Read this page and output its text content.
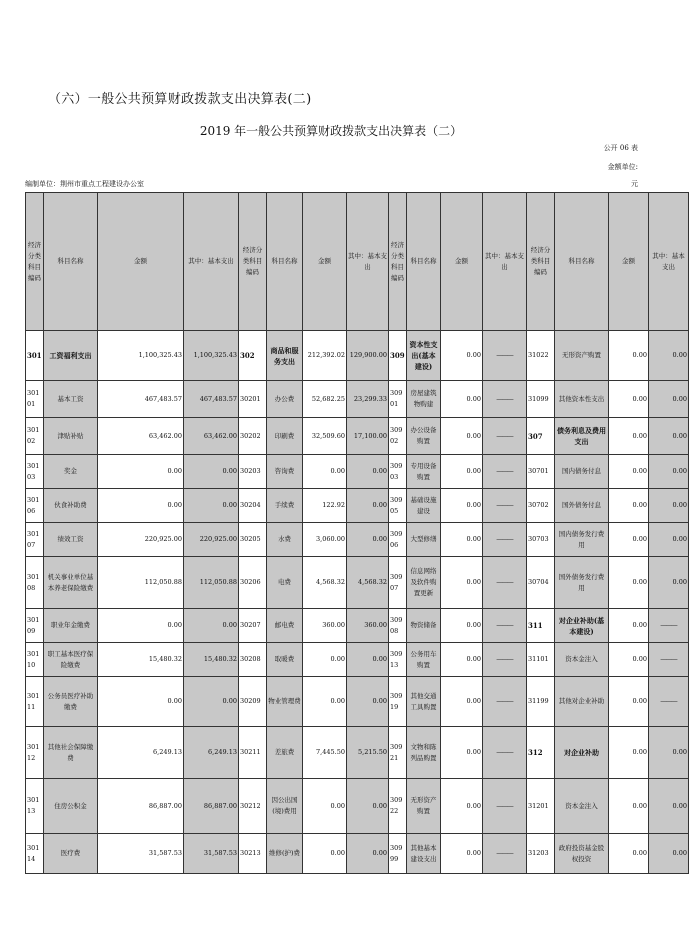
（六）一般公共预算财政拨款支出决算表(二)
2019 年一般公共预算财政拨款支出决算表（二）
公开 06 表
金额单位:
编制单位：荆州市重点工程建设办公室	元
经济分类科目编码	科目名称	金额	其中：基本支出	经济分类科目编码	科目名称	金额	其中：基本支出	经济分类科目编码	科目名称	金额	其中：基本支出	经济分类科目编码	科目名称	金额	其中：基本支出
301	工资福利支出	1,100,325.43	1,100,325.43	302	商品和服务支出	212,392.02	129,900.00	309	资本性支出(基本建设)	0.00	———	31022	无形资产购置	0.00	0.00
30101	基本工资	467,483.57	467,483.57	30201	办公费	52,682.25	23,299.33	30901	房屋建筑物购建	0.00	———	31099	其他资本性支出	0.00	0.00
30102	津贴补贴	63,462.00	63,462.00	30202	印刷费	32,509.60	17,100.00	30902	办公设备购置	0.00	———	307	债务利息及费用支出	0.00	0.00
30103	奖金	0.00	0.00	30203	咨询费	0.00	0.00	30903	专用设备购置	0.00	———	30701	国内债务付息	0.00	0.00
30106	伙食补助费	0.00	0.00	30204	手续费	122.92	0.00	30905	基础设施建设	0.00	———	30702	国外债务付息	0.00	0.00
30107	绩效工资	220,925.00	220,925.00	30205	水费	3,060.00	0.00	30906	大型修缮	0.00	———	30703	国内债务发行费用	0.00	0.00
30108	机关事业单位基本养老保险缴费	112,050.88	112,050.88	30206	电费	4,568.32	4,568.32	30907	信息网络及软件购置更新	0.00	———	30704	国外债务发行费用	0.00	0.00
30109	职业年金缴费	0.00	0.00	30207	邮电费	360.00	360.00	30908	物资储备	0.00	———	311	对企业补助(基本建设)	0.00	———

30110	职工基本医疗保险缴费	15,480.32	15,480.32	30208	取暖费	0.00	0.00	30913	公务用车购置	0.00	———	31101	资本金注入	0.00	———

30111	公务员医疗补助缴费	0.00	0.00	30209	物业管理费	0.00	0.00	30919	其他交通工具购置	0.00	———	31199	其他对企业补助	0.00	———

30112	其他社会保障缴费	6,249.13	6,249.13	30211	差旅费	7,445.50	5,215.50	30921	文物和陈列品购置	0.00	———	312	对企业补助	0.00	0.00
30113	住房公积金	86,887.00	86,887.00	30212	因公出国(境)费用	0.00	0.00	30922	无形资产购置	0.00	———	31201	资本金注入	0.00	0.00
30114	医疗费	31,587.53	31,587.53	30213	维修(护)费	0.00	0.00	30999	其他基本建设支出	0.00	———	31203	政府投资基金股权投资	0.00	0.00
